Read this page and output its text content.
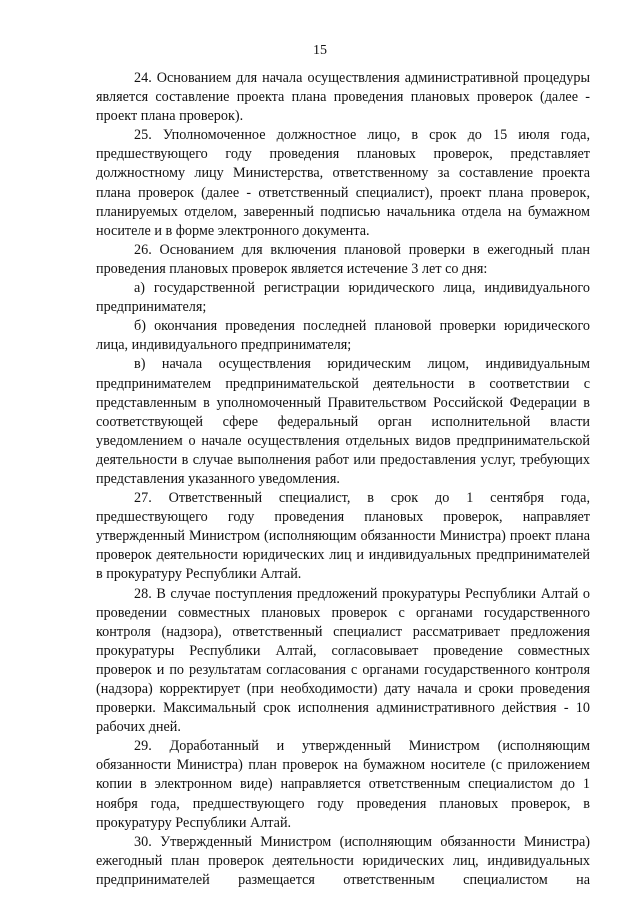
15

24. Основанием для начала осуществления административной процедуры является составление проекта плана проведения плановых проверок (далее - проект плана проверок).

25. Уполномоченное должностное лицо, в срок до 15 июля года, предшествующего году проведения плановых проверок, представляет должностному лицу Министерства, ответственному за составление проекта плана проверок (далее - ответственный специалист), проект плана проверок, планируемых отделом, заверенный подписью начальника отдела на бумажном носителе и в форме электронного документа.

26. Основанием для включения плановой проверки в ежегодный план проведения плановых проверок является истечение 3 лет со дня:

а) государственной регистрации юридического лица, индивидуального предпринимателя;

б) окончания проведения последней плановой проверки юридического лица, индивидуального предпринимателя;

в) начала осуществления юридическим лицом, индивидуальным предпринимателем предпринимательской деятельности в соответствии с представленным в уполномоченный Правительством Российской Федерации в соответствующей сфере федеральный орган исполнительной власти уведомлением о начале осуществления отдельных видов предпринимательской деятельности в случае выполнения работ или предоставления услуг, требующих представления указанного уведомления.

27. Ответственный специалист, в срок до 1 сентября года, предшествующего году проведения плановых проверок, направляет утвержденный Министром (исполняющим обязанности Министра) проект плана проверок деятельности юридических лиц и индивидуальных предпринимателей в прокуратуру Республики Алтай.

28. В случае поступления предложений прокуратуры Республики Алтай о проведении совместных плановых проверок с органами государственного контроля (надзора), ответственный специалист рассматривает предложения прокуратуры Республики Алтай, согласовывает проведение совместных проверок и по результатам согласования с органами государственного контроля (надзора) корректирует (при необходимости) дату начала и сроки проведения проверки. Максимальный срок исполнения административного действия - 10 рабочих дней.

29. Доработанный и утвержденный Министром (исполняющим обязанности Министра) план проверок на бумажном носителе (с приложением копии в электронном виде) направляется ответственным специалистом до 1 ноября года, предшествующего году проведения плановых проверок, в прокуратуру Республики Алтай.

30. Утвержденный Министром (исполняющим обязанности Министра) ежегодный план проверок деятельности юридических лиц, индивидуальных предпринимателей размещается ответственным специалистом на
